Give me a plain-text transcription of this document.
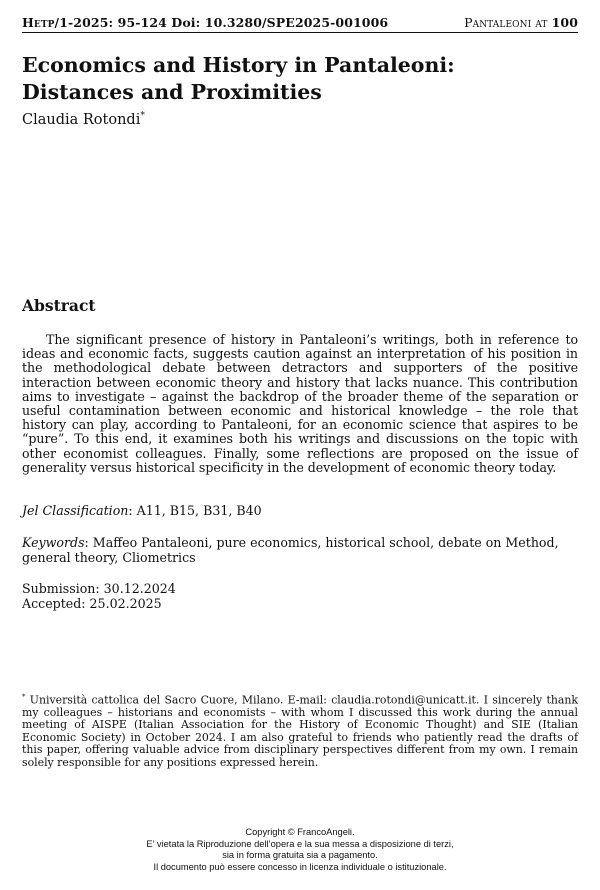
Hetp/1-2025: 95-124 Doi: 10.3280/SPE2025-001006	Pantaleoni at 100
Economics and History in Pantaleoni:
Distances and Proximities
Claudia Rotondi*
Abstract

The significant presence of history in Pantaleoni’s writings, both in reference to ideas and economic facts, suggests caution against an interpretation of his position in the methodological debate between detractors and supporters of the positive interaction between economic theory and history that lacks nuance. This contribution aims to investigate – against the backdrop of the broader theme of the separation or useful contamination between economic and historical knowledge – the role that history can play, according to Pantaleoni, for an economic science that aspires to be “pure”. To this end, it examines both his writings and discussions on the topic with other economist colleagues. Finally, some reflections are proposed on the issue of generality versus historical specificity in the development of economic theory today.

Jel Classification: A11, B15, B31, B40

Keywords: Maffeo Pantaleoni, pure economics, historical school, debate on Method, general theory, Cliometrics

Submission: 30.12.2024
Accepted: 25.02.2025

* Università cattolica del Sacro Cuore, Milano. E-mail: claudia.rotondi@unicatt.it. I sincerely thank my colleagues – historians and economists – with whom I discussed this work during the annual meeting of AISPE (Italian Association for the History of Economic Thought) and SIE (Italian Economic Society) in October 2024. I am also grateful to friends who patiently read the drafts of this paper, offering valuable advice from disciplinary perspectives different from my own. I remain solely responsible for any positions expressed herein.

Copyright © FrancoAngeli.
E’ vietata la Riproduzione dell’opera e la sua messa a disposizione di terzi,
sia in forma gratuita sia a pagamento.
Il documento può essere concesso in licenza individuale o istituzionale.
